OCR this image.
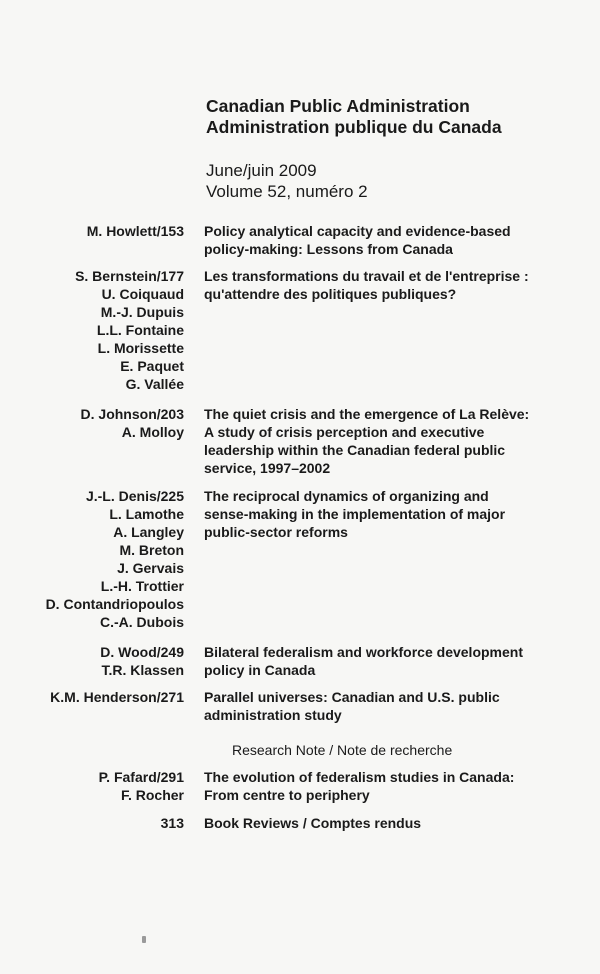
Canadian Public Administration
Administration publique du Canada
June/juin 2009
Volume 52, numéro 2
M. Howlett/153 Policy analytical capacity and evidence-based
policy-making: Lessons from Canada
S. Bernstein/177
U. Coiquaud
M.-J. Dupuis
L.L. Fontaine
L. Morissette
E. Paquet
G. Vallée
Les transformations du travail et de l'entreprise :
qu'attendre des politiques publiques?
D. Johnson/203
A. Molloy
The quiet crisis and the emergence of La Relève:
A study of crisis perception and executive
leadership within the Canadian federal public
service, 1997–2002
J.-L. Denis/225
L. Lamothe
A. Langley
M. Breton
J. Gervais
L.-H. Trottier
D. Contandriopoulos
C.-A. Dubois
The reciprocal dynamics of organizing and
sense-making in the implementation of major
public-sector reforms
D. Wood/249
T.R. Klassen
Bilateral federalism and workforce development
policy in Canada
K.M. Henderson/271 Parallel universes: Canadian and U.S. public
administration study
Research Note / Note de recherche
P. Fafard/291
F. Rocher
The evolution of federalism studies in Canada:
From centre to periphery
313 Book Reviews / Comptes rendus
